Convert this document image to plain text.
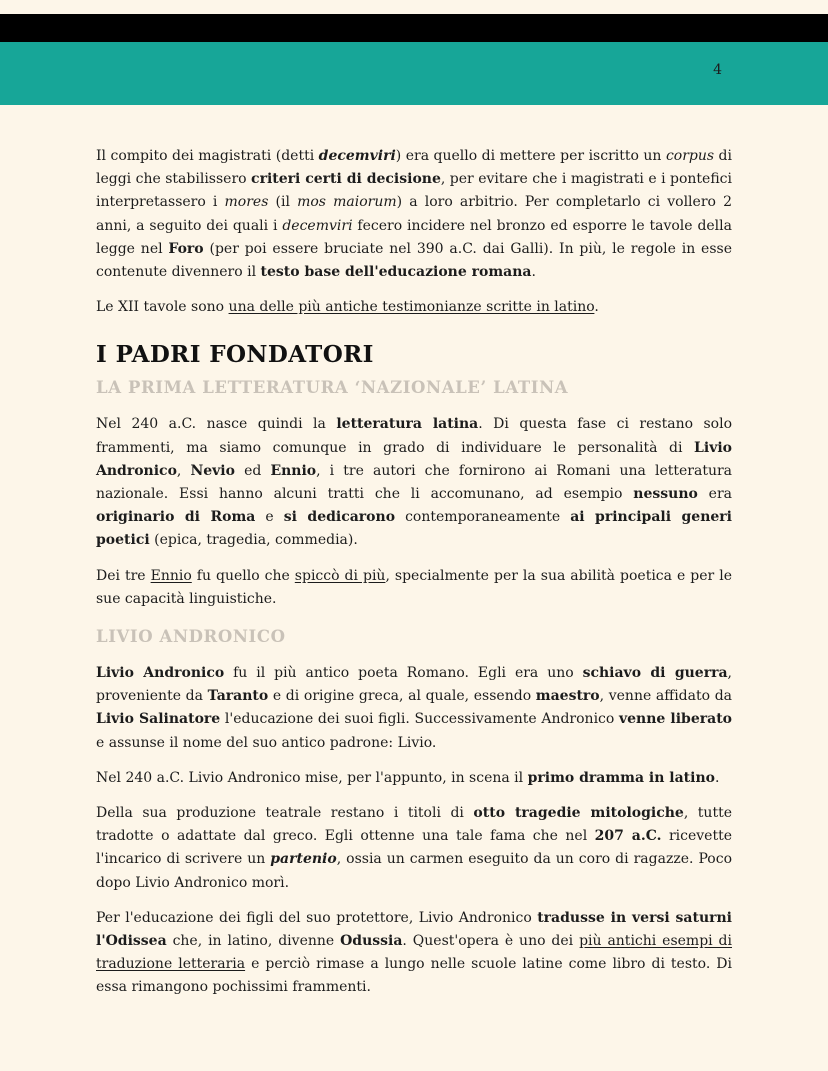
4

Il compito dei magistrati (detti decemviri) era quello di mettere per iscritto un corpus di leggi che stabilissero criteri certi di decisione, per evitare che i magistrati e i pontefici interpretassero i mores (il mos maiorum) a loro arbitrio. Per completarlo ci vollero 2 anni, a seguito dei quali i decemviri fecero incidere nel bronzo ed esporre le tavole della legge nel Foro (per poi essere bruciate nel 390 a.C. dai Galli). In più, le regole in esse contenute divennero il testo base dell'educazione romana.

Le XII tavole sono una delle più antiche testimonianze scritte in latino.

I PADRI FONDATORI
LA PRIMA LETTERATURA ‘NAZIONALE’ LATINA

Nel 240 a.C. nasce quindi la letteratura latina. Di questa fase ci restano solo frammenti, ma siamo comunque in grado di individuare le personalità di Livio Andronico, Nevio ed Ennio, i tre autori che fornirono ai Romani una letteratura nazionale. Essi hanno alcuni tratti che li accomunano, ad esempio nessuno era originario di Roma e si dedicarono contemporaneamente ai principali generi poetici (epica, tragedia, commedia).

Dei tre Ennio fu quello che spiccò di più, specialmente per la sua abilità poetica e per le sue capacità linguistiche.

LIVIO ANDRONICO

Livio Andronico fu il più antico poeta Romano. Egli era uno schiavo di guerra, proveniente da Taranto e di origine greca, al quale, essendo maestro, venne affidato da Livio Salinatore l'educazione dei suoi figli. Successivamente Andronico venne liberato e assunse il nome del suo antico padrone: Livio.

Nel 240 a.C. Livio Andronico mise, per l'appunto, in scena il primo dramma in latino.

Della sua produzione teatrale restano i titoli di otto tragedie mitologiche, tutte tradotte o adattate dal greco. Egli ottenne una tale fama che nel 207 a.C. ricevette l'incarico di scrivere un partenio, ossia un carmen eseguito da un coro di ragazze. Poco dopo Livio Andronico morì.

Per l'educazione dei figli del suo protettore, Livio Andronico tradusse in versi saturni l'Odissea che, in latino, divenne Odussia. Quest'opera è uno dei più antichi esempi di traduzione letteraria e perciò rimase a lungo nelle scuole latine come libro di testo. Di essa rimangono pochissimi frammenti.
